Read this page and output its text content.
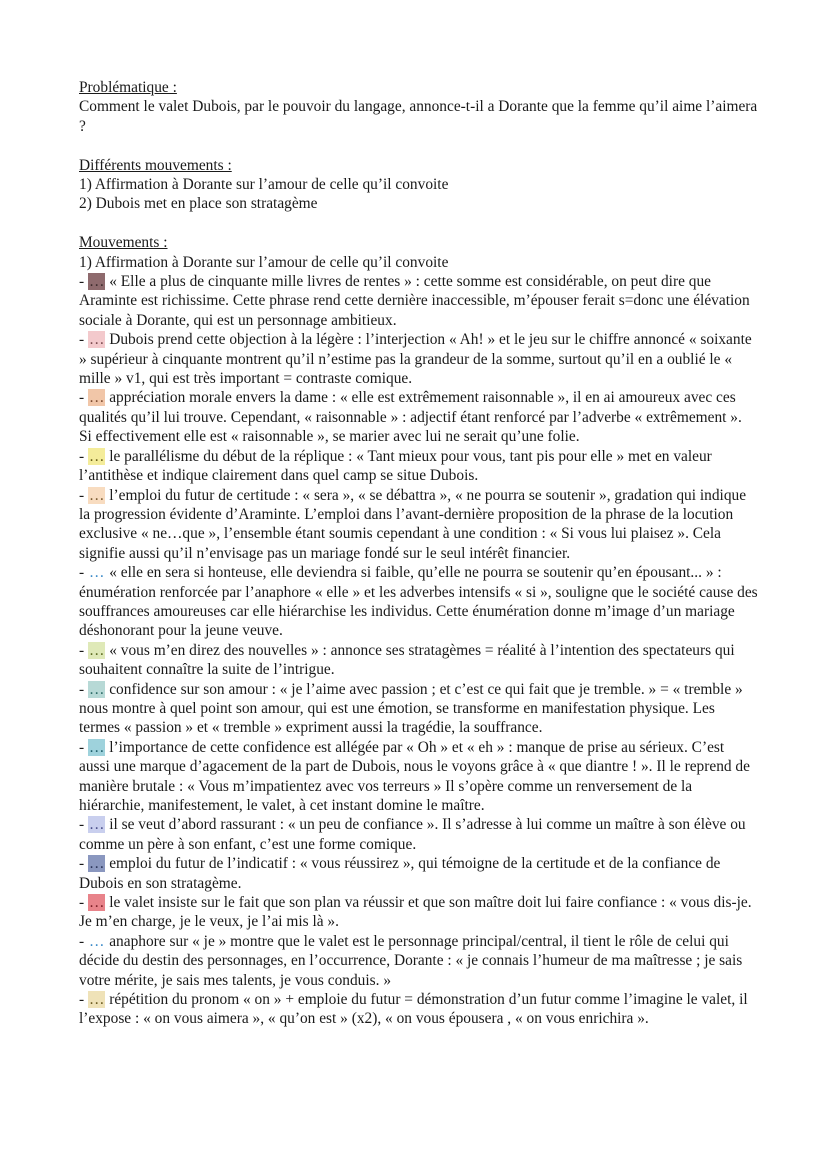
Problématique :

Comment le valet Dubois, par le pouvoir du langage, annonce-t-il a Dorante que la femme qu’il aime l’aimera ?

Différents mouvements :
1) Affirmation à Dorante sur l’amour de celle qu’il convoite
2) Dubois met en place son stratagème
Mouvements :
1) Affirmation à Dorante sur l’amour de celle qu’il convoite

- … « Elle a plus de cinquante mille livres de rentes » : cette somme est considérable, on peut dire que Araminte est richissime. Cette phrase rend cette dernière inaccessible, m’épouser ferait s=donc une élévation sociale à Dorante, qui est un personnage ambitieux.

- … Dubois prend cette objection à la légère : l’interjection « Ah! » et le jeu sur le chiffre annoncé « soixante » supérieur à cinquante montrent qu’il n’estime pas la grandeur de la somme, surtout qu’il en a oublié le « mille » v1, qui est très important = contraste comique.

- … appréciation morale envers la dame : « elle est extrêmement raisonnable », il en ai amoureux avec ces qualités qu’il lui trouve. Cependant, « raisonnable » : adjectif étant renforcé par l’adverbe « extrêmement ». Si effectivement elle est « raisonnable », se marier avec lui ne serait qu’une folie.

- … le parallélisme du début de la réplique : « Tant mieux pour vous, tant pis pour elle » met en valeur l’antithèse et indique clairement dans quel camp se situe Dubois.

- … l’emploi du futur de certitude : « sera », « se débattra », « ne pourra se soutenir », gradation qui indique la progression évidente d’Araminte. L’emploi dans l’avant-dernière proposition de la phrase de la locution exclusive « ne…que », l’ensemble étant soumis cependant à une condition : « Si vous lui plaisez ». Cela signifie aussi qu’il n’envisage pas un mariage fondé sur le seul intérêt financier.

- … « elle en sera si honteuse, elle deviendra si faible, qu’elle ne pourra se soutenir qu’en épousant... » : énumération renforcée par l’anaphore « elle » et les adverbes intensifs « si », souligne que le société cause des souffrances amoureuses car elle hiérarchise les individus. Cette énumération donne m’image d’un mariage déshonorant pour la jeune veuve.

- … « vous m’en direz des nouvelles » : annonce ses stratagèmes = réalité à l’intention des spectateurs qui souhaitent connaître la suite de l’intrigue.

- … confidence sur son amour : « je l’aime avec passion ; et c’est ce qui fait que je tremble. » = « tremble » nous montre à quel point son amour, qui est une émotion, se transforme en manifestation physique. Les termes « passion » et « tremble » expriment aussi la tragédie, la souffrance.

- … l’importance de cette confidence est allégée par « Oh » et « eh » : manque de prise au sérieux. C’est aussi une marque d’agacement de la part de Dubois, nous le voyons grâce à « que diantre ! ». Il le reprend de manière brutale : « Vous m’impatientez avec vos terreurs » Il s’opère comme un renversement de la hiérarchie, manifestement, le valet, à cet instant domine le maître.

- … il se veut d’abord rassurant : « un peu de confiance ». Il s’adresse à lui comme un maître à son élève ou comme un père à son enfant, c’est une forme comique.

- … emploi du futur de l’indicatif : « vous réussirez », qui témoigne de la certitude et de la confiance de Dubois en son stratagème.

- … le valet insiste sur le fait que son plan va réussir et que son maître doit lui faire confiance : « vous dis-je. Je m’en charge, je le veux, je l’ai mis là ».

- … anaphore sur « je » montre que le valet est le personnage principal/central, il tient le rôle de celui qui décide du destin des personnages, en l’occurrence, Dorante : « je connais l’humeur de ma maîtresse ; je sais votre mérite, je sais mes talents, je vous conduis. »

- … répétition du pronom « on » + emploie du futur = démonstration d’un futur comme l’imagine le valet, il l’expose : « on vous aimera », « qu’on est » (x2), « on vous épousera , « on vous enrichira ».
